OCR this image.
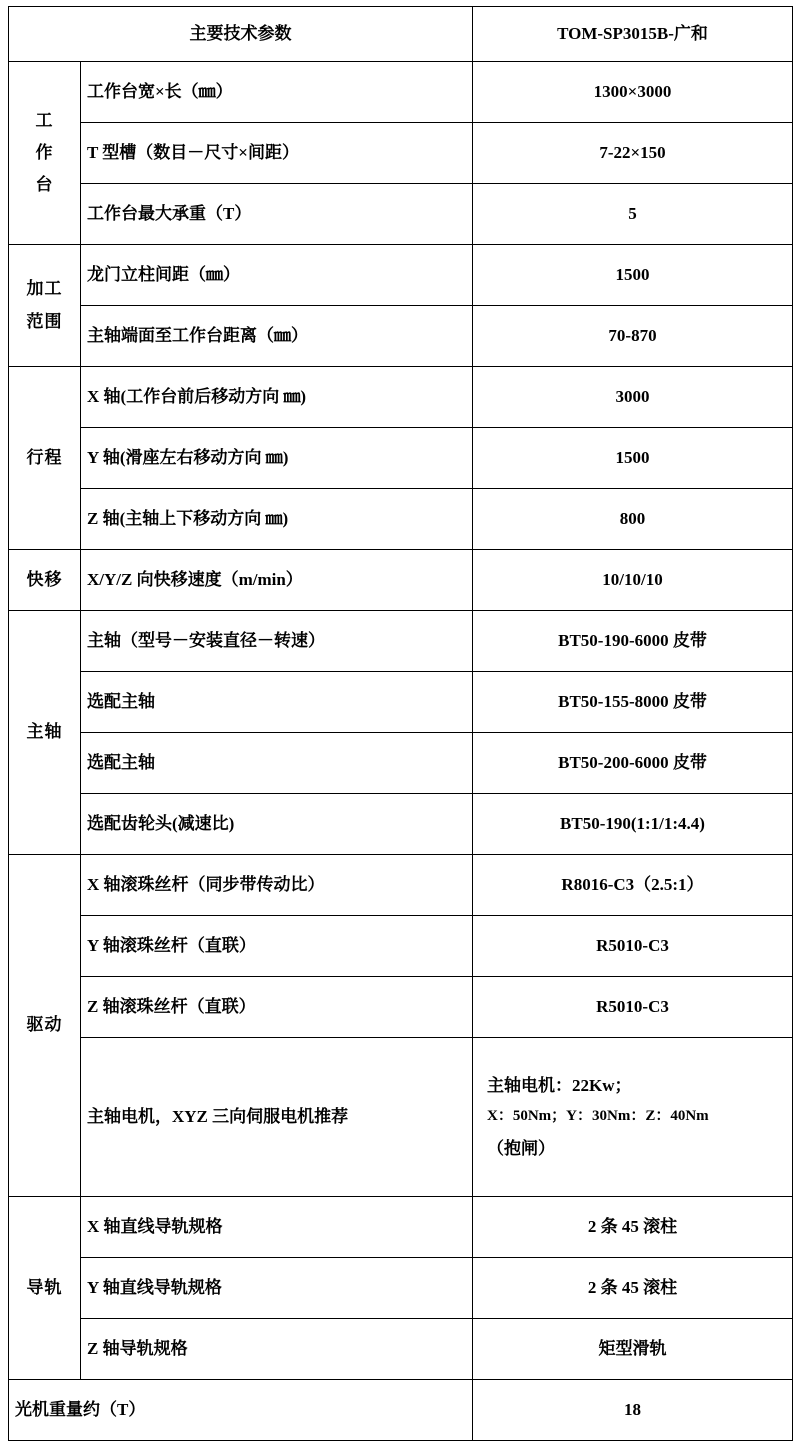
主要技术参数		TOM-SP3015B-广和

工
作
台	工作台宽×长（㎜）	1300×3000
	T 型槽（数目－尺寸×间距）	7-22×150
	工作台最大承重（T）	5

加工
范围	龙门立柱间距（㎜）	1500
	主轴端面至工作台距离（㎜）	70-870
行程	X 轴(工作台前后移动方向 ㎜)	3000
	Y 轴(滑座左右移动方向 ㎜)	1500
	Z 轴(主轴上下移动方向 ㎜)	800
快移	X/Y/Z 向快移速度（m/min）	10/10/10
主轴	主轴（型号－安装直径－转速）	BT50-190-6000 皮带
	选配主轴	BT50-155-8000 皮带
	选配主轴	BT50-200-6000 皮带
	选配齿轮头(减速比)	BT50-190(1:1/1:4.4)
驱动	X 轴滚珠丝杆（同步带传动比）	R8016-C3（2.5:1）
	Y 轴滚珠丝杆（直联）	R5010-C3
	Z 轴滚珠丝杆（直联）	R5010-C3
	主轴电机，XYZ 三向伺服电机推荐	主轴电机：22Kw；
X：50Nm；Y：30Nm：Z：40Nm
（抱闸）

导轨	X 轴直线导轨规格	2 条 45 滚柱
	Y 轴直线导轨规格	2 条 45 滚柱
	Z 轴导轨规格	矩型滑轨
光机重量约（T）		18
